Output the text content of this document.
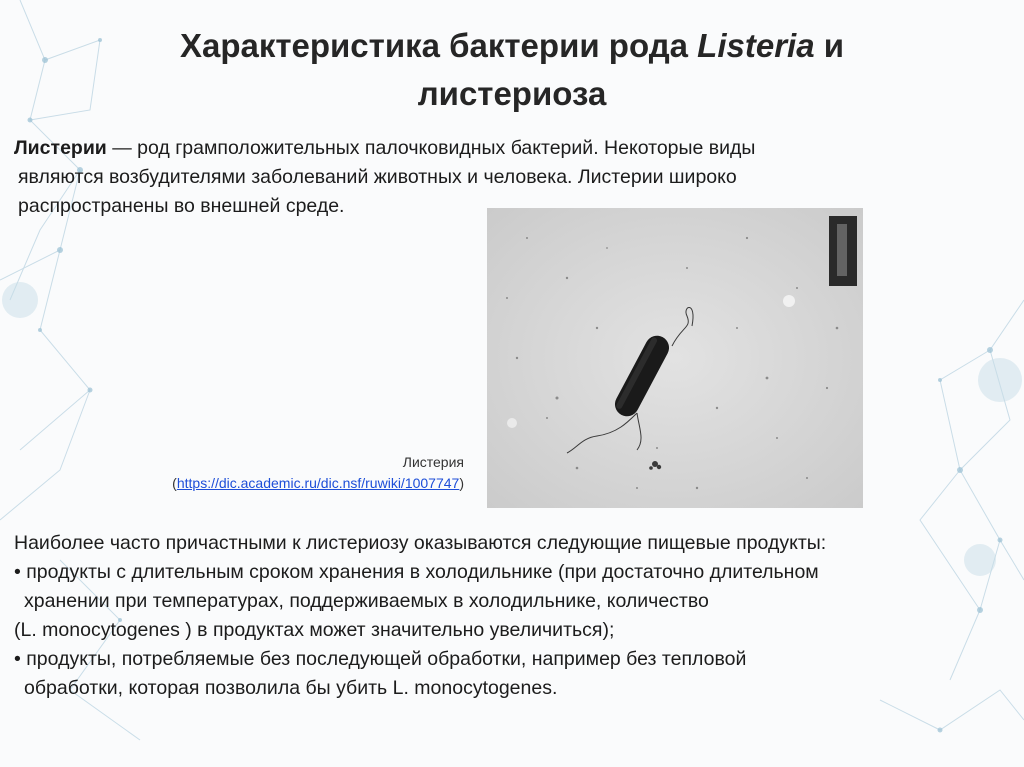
Характеристика бактерии рода Listeria и
листериоза
Листерии — род грамположительных палочковидных бактерий. Некоторые виды
являются возбудителями заболеваний животных и человека. Листерии широко
распространены во внешней среде.
Листерия
(https://dic.academic.ru/dic.nsf/ruwiki/1007747)
Наиболее часто причастными к листериозу оказываются следующие пищевые продукты:
• продукты с длительным сроком хранения в холодильнике (при достаточно длительном
хранении при температурах, поддерживаемых в холодильнике, количество
(L. monocytogenes ) в продуктах может значительно увеличиться);
• продукты, потребляемые без последующей обработки, например без тепловой
обработки, которая позволила бы убить L. monocytogenes.
